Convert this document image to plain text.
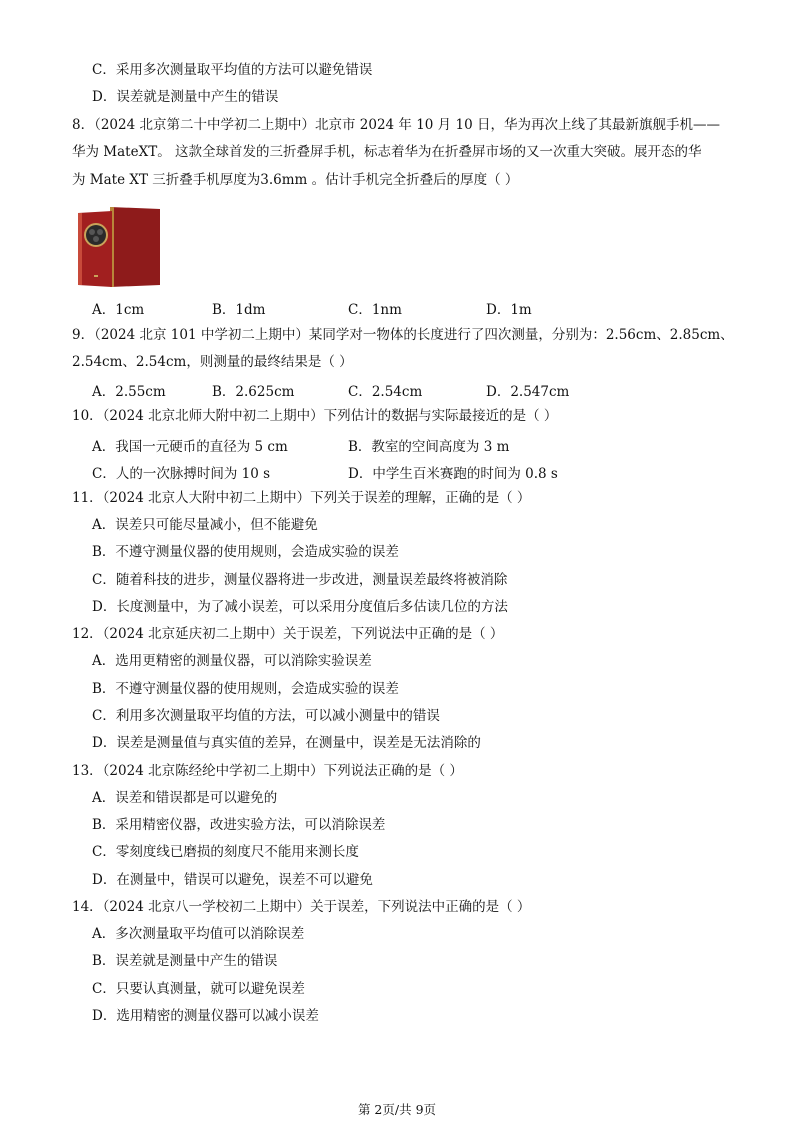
C．采用多次测量取平均值的方法可以避免错误
D．误差就是测量中产生的错误
8．（2024 北京第二十中学初二上期中）北京市 2024 年 10 月 10 日，华为再次上线了其最新旗舰手机——
华为 MateXT。 这款全球首发的三折叠屏手机，标志着华为在折叠屏市场的又一次重大突破。展开态的华
为 Mate XT 三折叠手机厚度为3.6mm 。估计手机完全折叠后的厚度（ ）
A．1cm	B．1dm	C．1nm	D．1m
9．（2024 北京 101 中学初二上期中）某同学对一物体的长度进行了四次测量，分别为：2.56cm、2.85cm、
2.54cm、2.54cm，则测量的最终结果是（ ）
A．2.55cm	B．2.625cm	C．2.54cm	D．2.547cm
10．（2024 北京北师大附中初二上期中）下列估计的数据与实际最接近的是（ ）
A．我国一元硬币的直径为 5 cm	B．教室的空间高度为 3 m
C．人的一次脉搏时间为 10 s	D．中学生百米赛跑的时间为 0.8 s
11．（2024 北京人大附中初二上期中）下列关于误差的理解，正确的是（ ）
A．误差只可能尽量减小，但不能避免
B．不遵守测量仪器的使用规则，会造成实验的误差
C．随着科技的进步，测量仪器将进一步改进，测量误差最终将被消除
D．长度测量中，为了减小误差，可以采用分度值后多估读几位的方法
12．（2024 北京延庆初二上期中）关于误差，下列说法中正确的是（ ）
A．选用更精密的测量仪器，可以消除实验误差
B．不遵守测量仪器的使用规则，会造成实验的误差
C．利用多次测量取平均值的方法，可以减小测量中的错误
D．误差是测量值与真实值的差异，在测量中，误差是无法消除的
13．（2024 北京陈经纶中学初二上期中）下列说法正确的是（ ）
A．误差和错误都是可以避免的
B．采用精密仪器，改进实验方法，可以消除误差
C．零刻度线已磨损的刻度尺不能用来测长度
D．在测量中，错误可以避免，误差不可以避免
14．（2024 北京八一学校初二上期中）关于误差，下列说法中正确的是（ ）
A．多次测量取平均值可以消除误差
B．误差就是测量中产生的错误
C．只要认真测量，就可以避免误差
D．选用精密的测量仪器可以减小误差
第 2页/共 9页
